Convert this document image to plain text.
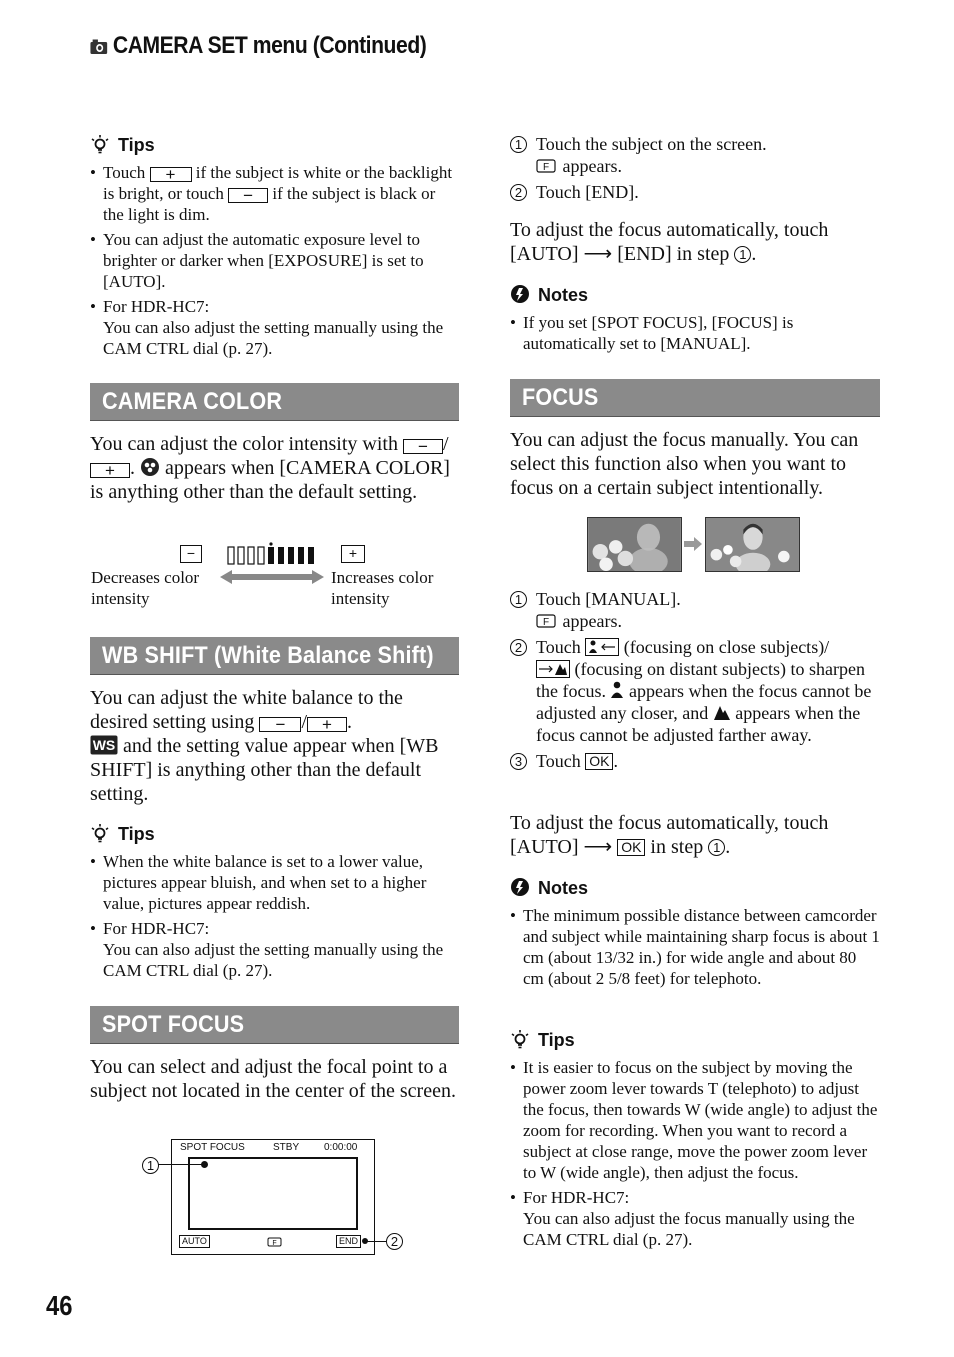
CAMERA SET menu (Continued)
Tips
• Touch + if the subject is white or the backlight is bright, or touch − if the subject is black or the light is dim.
• You can adjust the automatic exposure level to brighter or darker when [EXPOSURE] is set to [AUTO].
• For HDR-HC7:
You can also adjust the setting manually using the CAM CTRL dial (p. 27).
CAMERA COLOR
You can adjust the color intensity with − /+ .  appears when [CAMERA COLOR] is anything other than the default setting.
−	+
Decreases color intensity
Increases color intensity
WB SHIFT (White Balance Shift)
You can adjust the white balance to the desired setting using − / + .

WS and the setting value appear when [WB SHIFT] is anything other than the default setting.
Tips
• When the white balance is set to a lower value, pictures appear bluish, and when set to a higher value, pictures appear reddish.
• For HDR-HC7:
You can also adjust the setting manually using the CAM CTRL dial (p. 27).
SPOT FOCUS
You can select and adjust the focal point to a subject not located in the center of the screen.
SPOT FOCUS	STBY 0:00:00
1
AUTO	F	END	2
1 Touch the subject on the screen.

F appears.
2 Touch [END].
To adjust the focus automatically, touch [AUTO] ⟶ [END] in step 1 .
Notes
• If you set [SPOT FOCUS], [FOCUS] is automatically set to [MANUAL].
FOCUS
You can adjust the focus manually. You can select this function also when you want to focus on a certain subject intentionally.
1 Touch [MANUAL].

F appears.
2 Touch (focusing on close subjects)/
(focusing on distant subjects) to sharpen the focus. appears when the focus cannot be adjusted any closer, and appears when the focus cannot be adjusted farther away.
3 Touch OK .
To adjust the focus automatically, touch [AUTO] ⟶ OK in step 1 .
Notes
• The minimum possible distance between camcorder and subject while maintaining sharp focus is about 1 cm (about 13/32 in.) for wide angle and about 80 cm (about 2 5/8 feet) for telephoto.
Tips
• It is easier to focus on the subject by moving the power zoom lever towards T (telephoto) to adjust the focus, then towards W (wide angle) to adjust the zoom for recording. When you want to record a subject at close range, move the power zoom lever to W (wide angle), then adjust the focus.
• For HDR-HC7:
You can also adjust the focus manually using the CAM CTRL dial (p. 27).
46
